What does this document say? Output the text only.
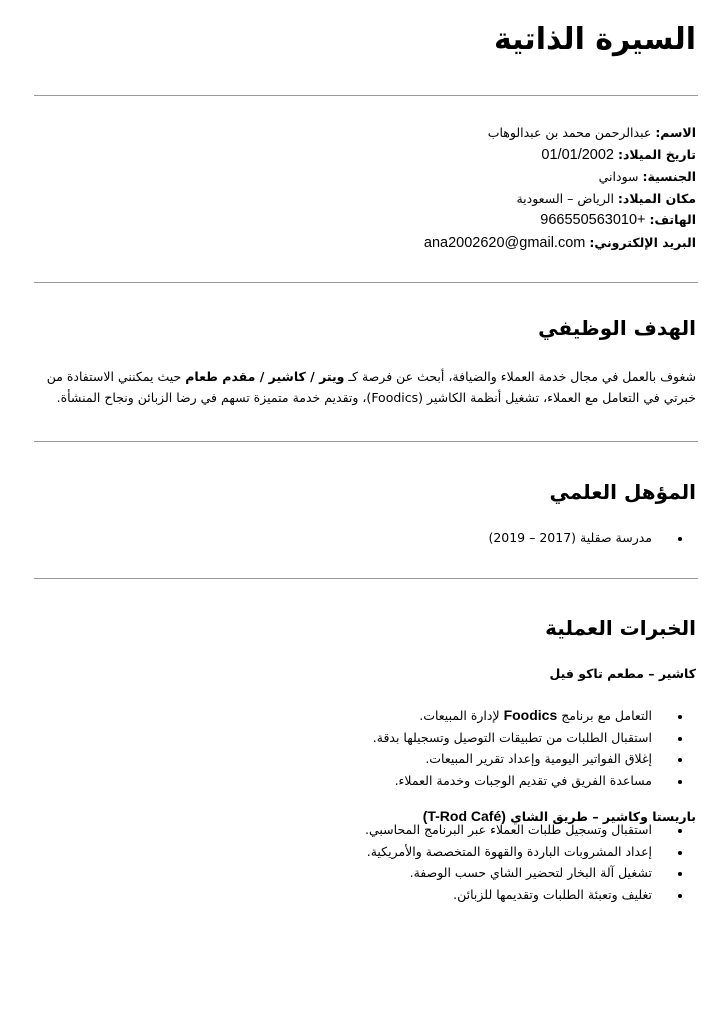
السيرة الذاتية
الاسم: عبدالرحمن محمد بن عبدالوهاب
تاريخ الميلاد: 01/01/2002
الجنسية: سوداني
مكان الميلاد: الرياض – السعودية
الهاتف: +966550563010
البريد الإلكتروني: ana2002620@gmail.com
الهدف الوظيفي

شغوف بالعمل في مجال خدمة العملاء والضيافة، أبحث عن فرصة كـ ويتر / كاشير / مقدم طعام حيث يمكنني الاستفادة من خبرتي في التعامل مع العملاء، تشغيل أنظمة الكاشير (Foodics)، وتقديم خدمة متميزة تسهم في رضا الزبائن ونجاح المنشأة.

المؤهل العلمي
• مدرسة صقلية (2017 – 2019)
الخبرات العملية

كاشير – مطعم تاكو فيل

• التعامل مع برنامج Foodics لإدارة المبيعات.
• استقبال الطلبات من تطبيقات التوصيل وتسجيلها بدقة.
• إغلاق الفواتير اليومية وإعداد تقرير المبيعات.
• مساعدة الفريق في تقديم الوجبات وخدمة العملاء.

باريستا وكاشير – طريق الشاي (T-Rod Café)

• استقبال وتسجيل طلبات العملاء عبر البرنامج المحاسبي.
• إعداد المشروبات الباردة والقهوة المتخصصة والأمريكية.
• تشغيل آلة البخار لتحضير الشاي حسب الوصفة.
• تغليف وتعبئة الطلبات وتقديمها للزبائن.
